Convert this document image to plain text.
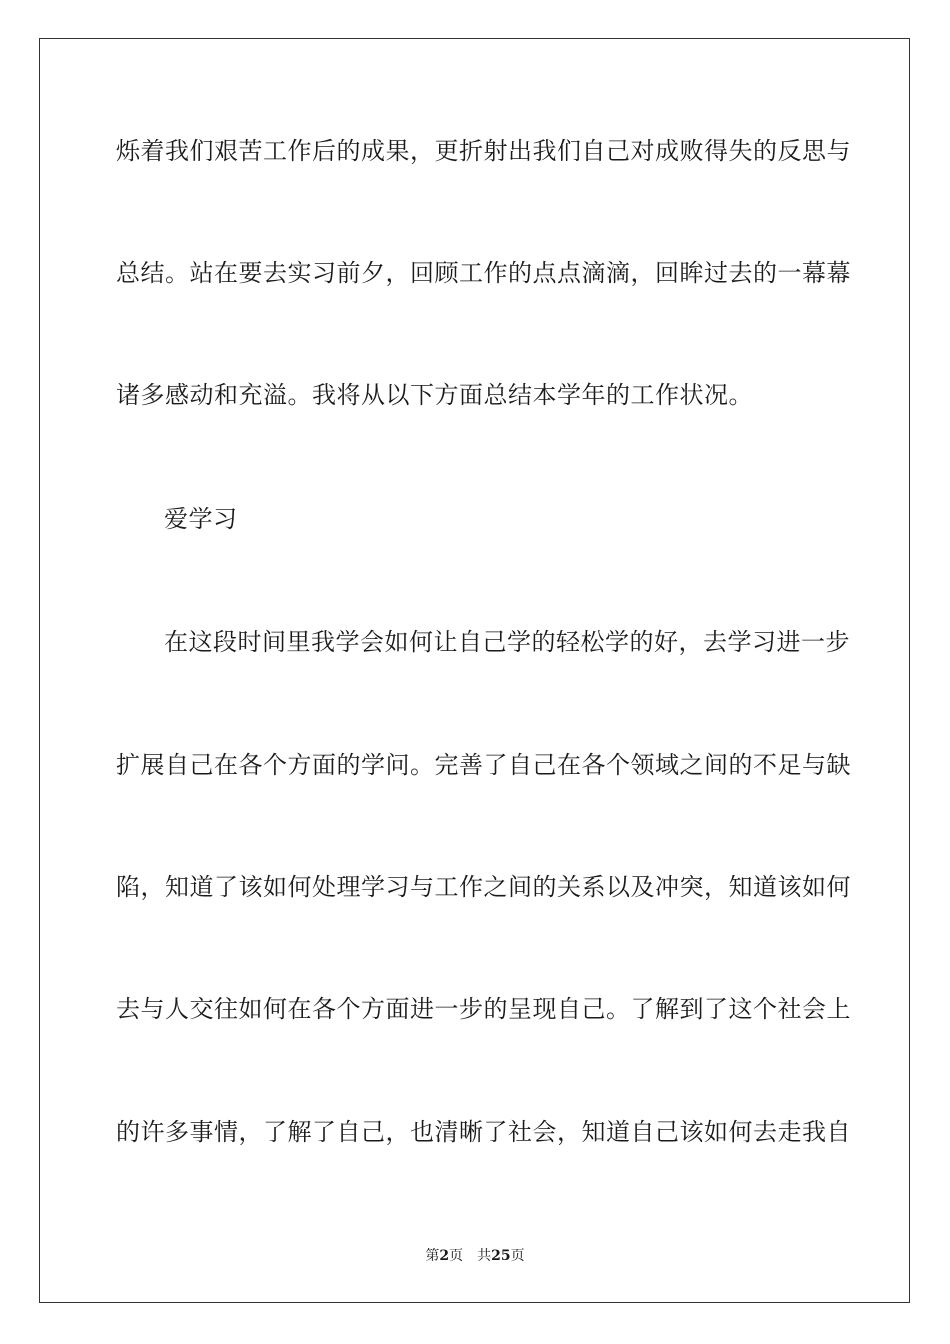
烁着我们艰苦工作后的成果，更折射出我们自己对成败得失的反思与
总结。站在要去实习前夕，回顾工作的点点滴滴，回眸过去的一幕幕
诸多感动和充溢。我将从以下方面总结本学年的工作状况。
爱学习
在这段时间里我学会如何让自己学的轻松学的好，去学习进一步
扩展自己在各个方面的学问。完善了自己在各个领域之间的不足与缺
陷，知道了该如何处理学习与工作之间的关系以及冲突，知道该如何
去与人交往如何在各个方面进一步的呈现自己。了解到了这个社会上
的许多事情，了解了自己，也清晰了社会，知道自己该如何去走我自
第2页 共25页
